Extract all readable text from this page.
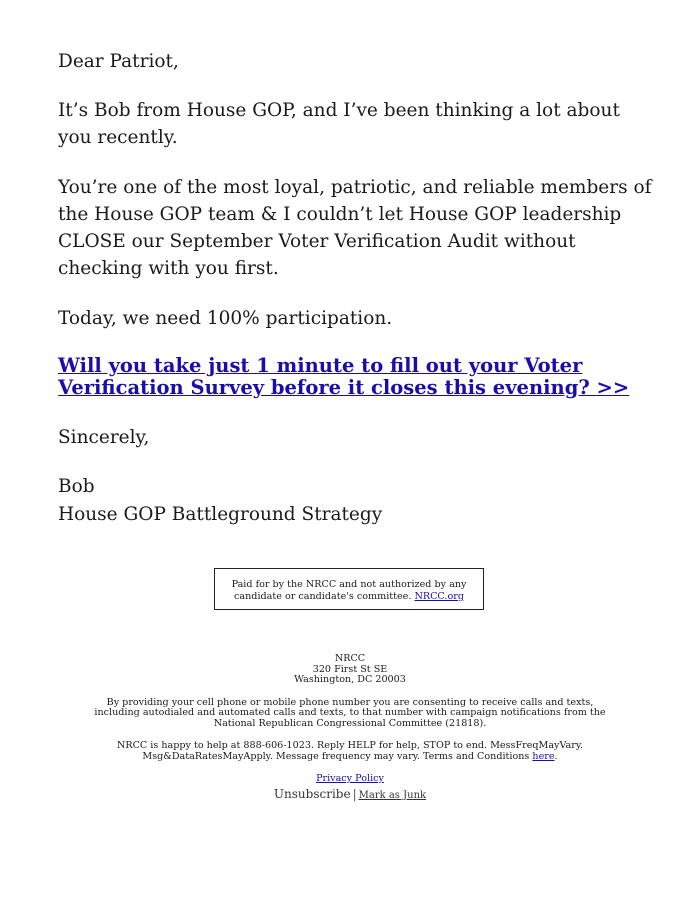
Dear Patriot,

It’s Bob from House GOP, and I’ve been thinking a lot about you recently.

You’re one of the most loyal, patriotic, and reliable members of the House GOP team & I couldn’t let House GOP leadership CLOSE our September Voter Verification Audit without checking with you first.

Today, we need 100% participation.

Will you take just 1 minute to fill out your Voter Verification Survey before it closes this evening? >>

Sincerely,

Bob

House GOP Battleground Strategy

Paid for by the NRCC and not authorized by any candidate or candidate's committee. NRCC.org

NRCC
320 First St SE
Washington, DC 20003

By providing your cell phone or mobile phone number you are consenting to receive calls and texts, including autodialed and automated calls and texts, to that number with campaign notifications from the National Republican Congressional Committee (21818).

NRCC is happy to help at 888-606-1023. Reply HELP for help, STOP to end. MessFreqMayVary. Msg&DataRatesMayApply. Message frequency may vary. Terms and Conditions here.

Privacy Policy

Unsubscribe | Mark as Junk
